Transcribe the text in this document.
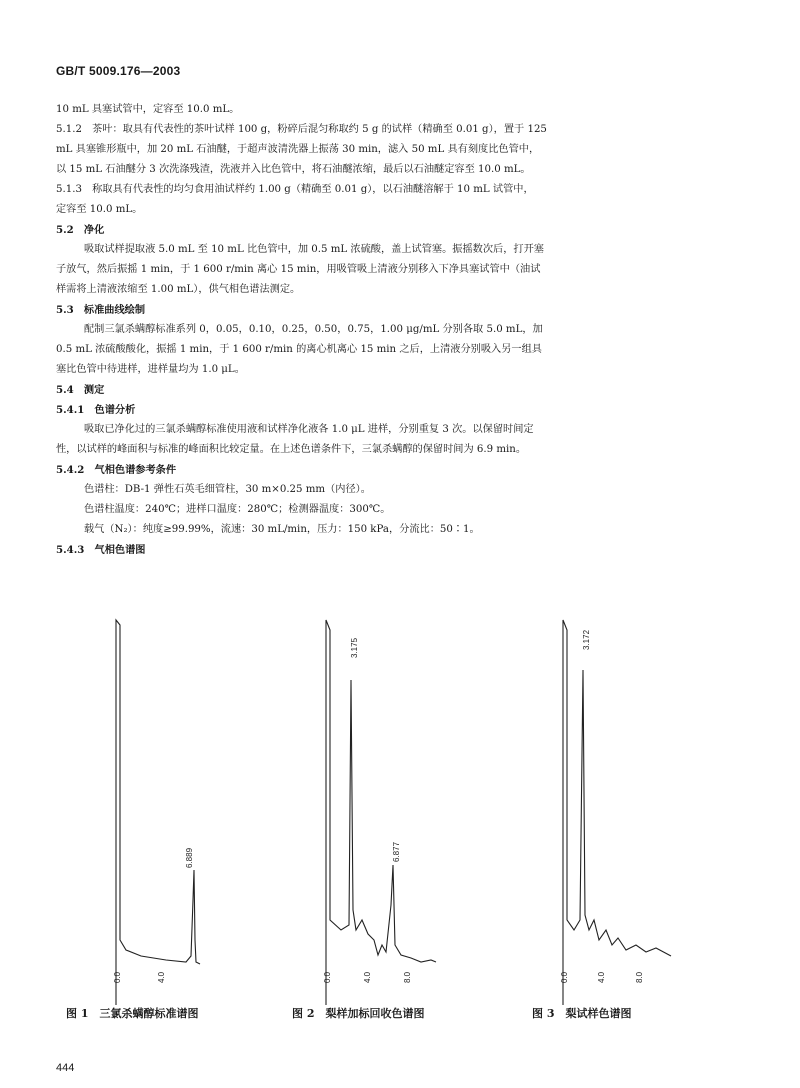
GB/T 5009.176—2003
10 mL 具塞试管中，定容至 10.0 mL。
5.1.2　茶叶：取具有代表性的茶叶试样 100 g，粉碎后混匀称取约 5 g 的试样（精确至 0.01 g），置于 125
mL 具塞锥形瓶中，加 20 mL 石油醚，于超声波清洗器上振荡 30 min，滤入 50 mL 具有刻度比色管中，
以 15 mL 石油醚分 3 次洗涤残渣，洗液并入比色管中，将石油醚浓缩，最后以石油醚定容至 10.0 mL。
5.1.3　称取具有代表性的均匀食用油试样约 1.00 g（精确至 0.01 g），以石油醚溶解于 10 mL 试管中，
定容至 10.0 mL。
5.2　净化
吸取试样提取液 5.0 mL 至 10 mL 比色管中，加 0.5 mL 浓硫酸，盖上试管塞。振摇数次后，打开塞
子放气，然后振摇 1 min，于 1 600 r/min 离心 15 min，用吸管吸上清液分别移入下净具塞试管中（油试
样需将上清液浓缩至 1.00 mL），供气相色谱法测定。
5.3　标准曲线绘制
配制三氯杀螨醇标准系列 0，0.05，0.10，0.25，0.50，0.75，1.00 μg/mL 分别各取 5.0 mL，加
0.5 mL 浓硫酸酸化，振摇 1 min，于 1 600 r/min 的离心机离心 15 min 之后，上清液分别吸入另一组具
塞比色管中待进样，进样量均为 1.0 μL。
5.4　测定
5.4.1　色谱分析
吸取已净化过的三氯杀螨醇标准使用液和试样净化液各 1.0 μL 进样，分别重复 3 次。以保留时间定
性，以试样的峰面积与标准的峰面积比较定量。在上述色谱条件下，三氯杀螨醇的保留时间为 6.9 min。
5.4.2　气相色谱参考条件
色谱柱：DB-1 弹性石英毛细管柱，30 m×0.25 mm（内径）。
色谱柱温度：240℃；进样口温度：280℃；检测器温度：300℃。
载气（N₂）：纯度≥99.99%，流速：30 mL/min，压力：150 kPa，分流比：50∶1。
5.4.3　气相色谱图
6.889
0.0	4.0
3.175
6.877
0.0	4.0	8.0
3.172
0.0	4.0	8.0
图 1　三氯杀螨醇标准谱图	图 2　梨样加标回收色谱图	图 3　梨试样色谱图
444
